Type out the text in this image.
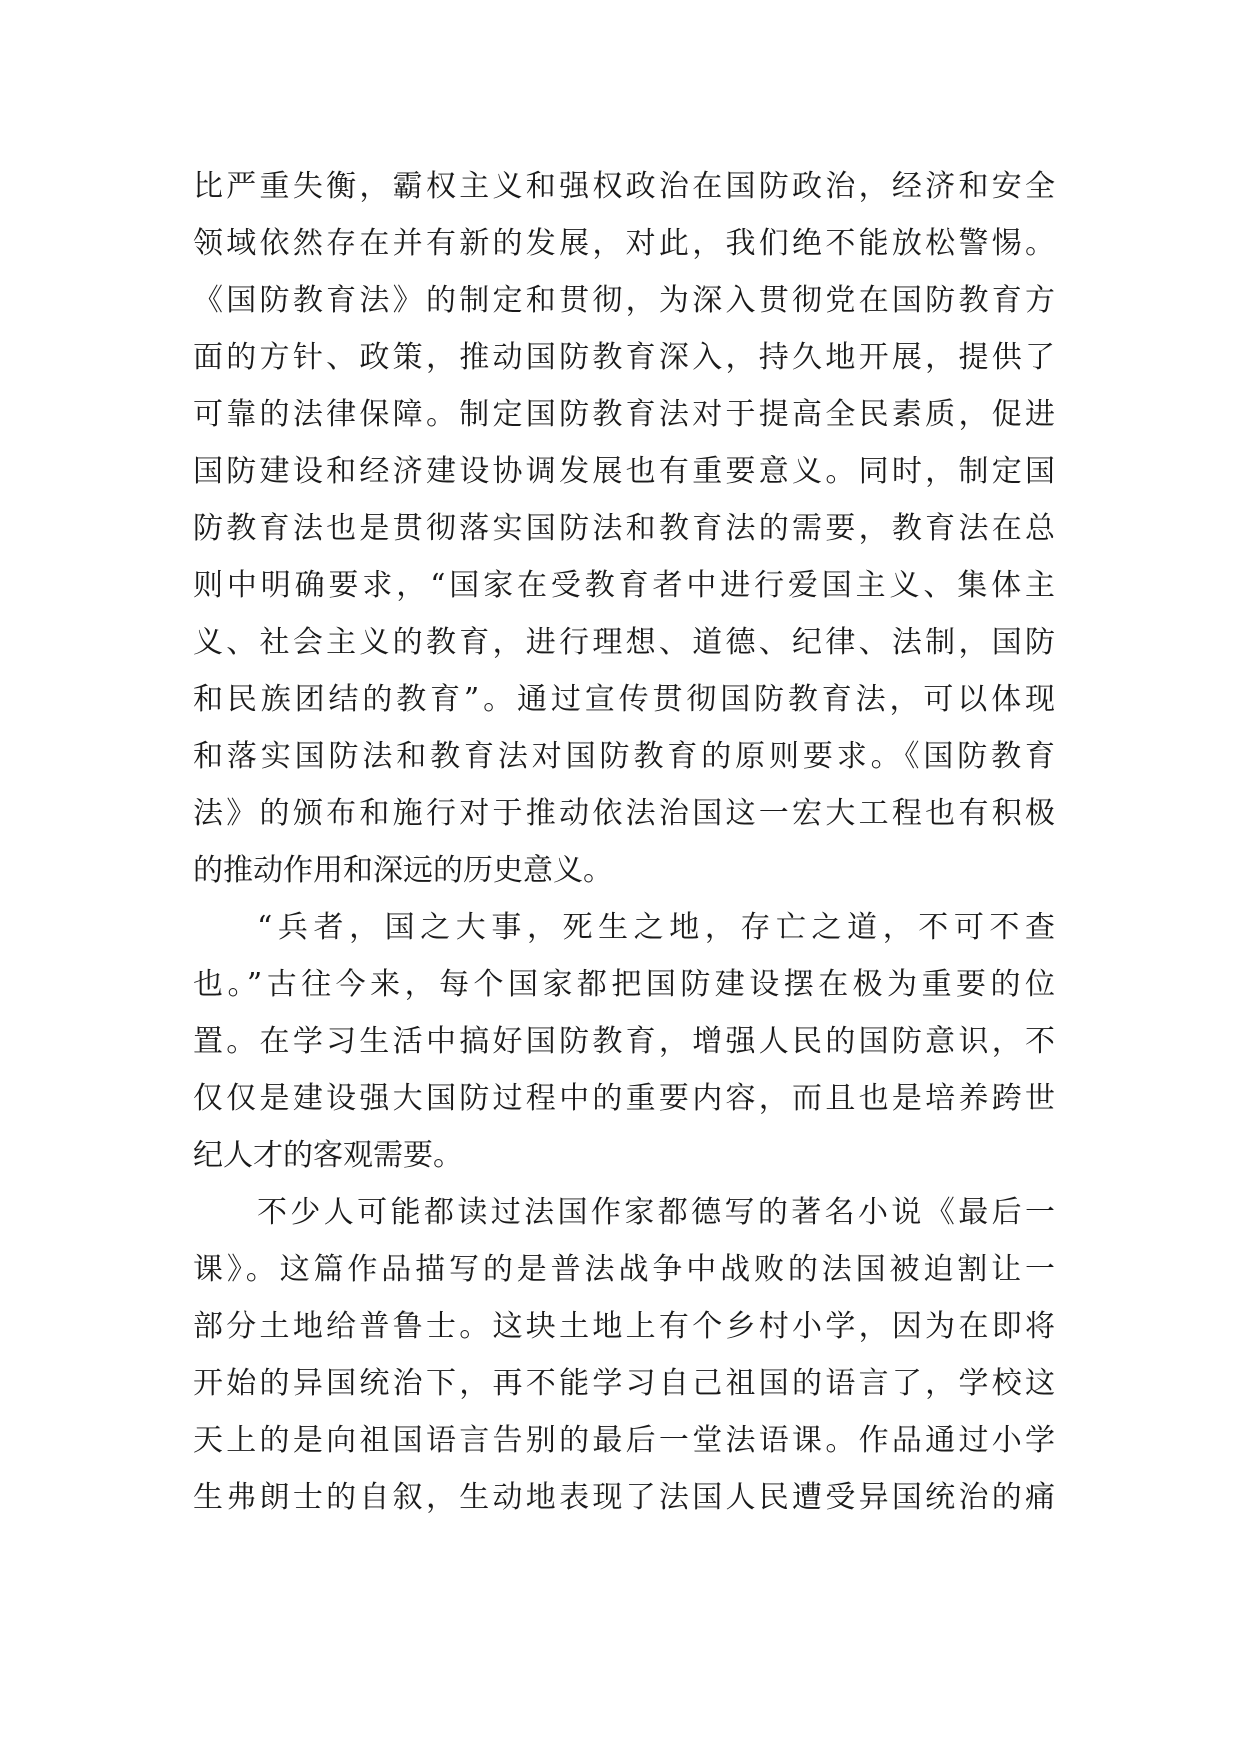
比严重失衡，霸权主义和强权政治在国防政治，经济和安全
领域依然存在并有新的发展，对此，我们绝不能放松警惕。
《国防教育法》的制定和贯彻，为深入贯彻党在国防教育方
面的方针、政策，推动国防教育深入，持久地开展，提供了
可靠的法律保障。制定国防教育法对于提高全民素质，促进
国防建设和经济建设协调发展也有重要意义。同时，制定国
防教育法也是贯彻落实国防法和教育法的需要，教育法在总
则中明确要求，“国家在受教育者中进行爱国主义、集体主
义、社会主义的教育，进行理想、道德、纪律、法制，国防
和民族团结的教育”。通过宣传贯彻国防教育法，可以体现
和落实国防法和教育法对国防教育的原则要求。《国防教育
法》的颁布和施行对于推动依法治国这一宏大工程也有积极
的推动作用和深远的历史意义。
“兵者，国之大事，死生之地，存亡之道，不可不查
也。”古往今来，每个国家都把国防建设摆在极为重要的位
置。在学习生活中搞好国防教育，增强人民的国防意识，不
仅仅是建设强大国防过程中的重要内容，而且也是培养跨世
纪人才的客观需要。
不少人可能都读过法国作家都德写的著名小说《最后一
课》。这篇作品描写的是普法战争中战败的法国被迫割让一
部分土地给普鲁士。这块土地上有个乡村小学，因为在即将
开始的异国统治下，再不能学习自己祖国的语言了，学校这
天上的是向祖国语言告别的最后一堂法语课。作品通过小学
生弗朗士的自叙，生动地表现了法国人民遭受异国统治的痛
